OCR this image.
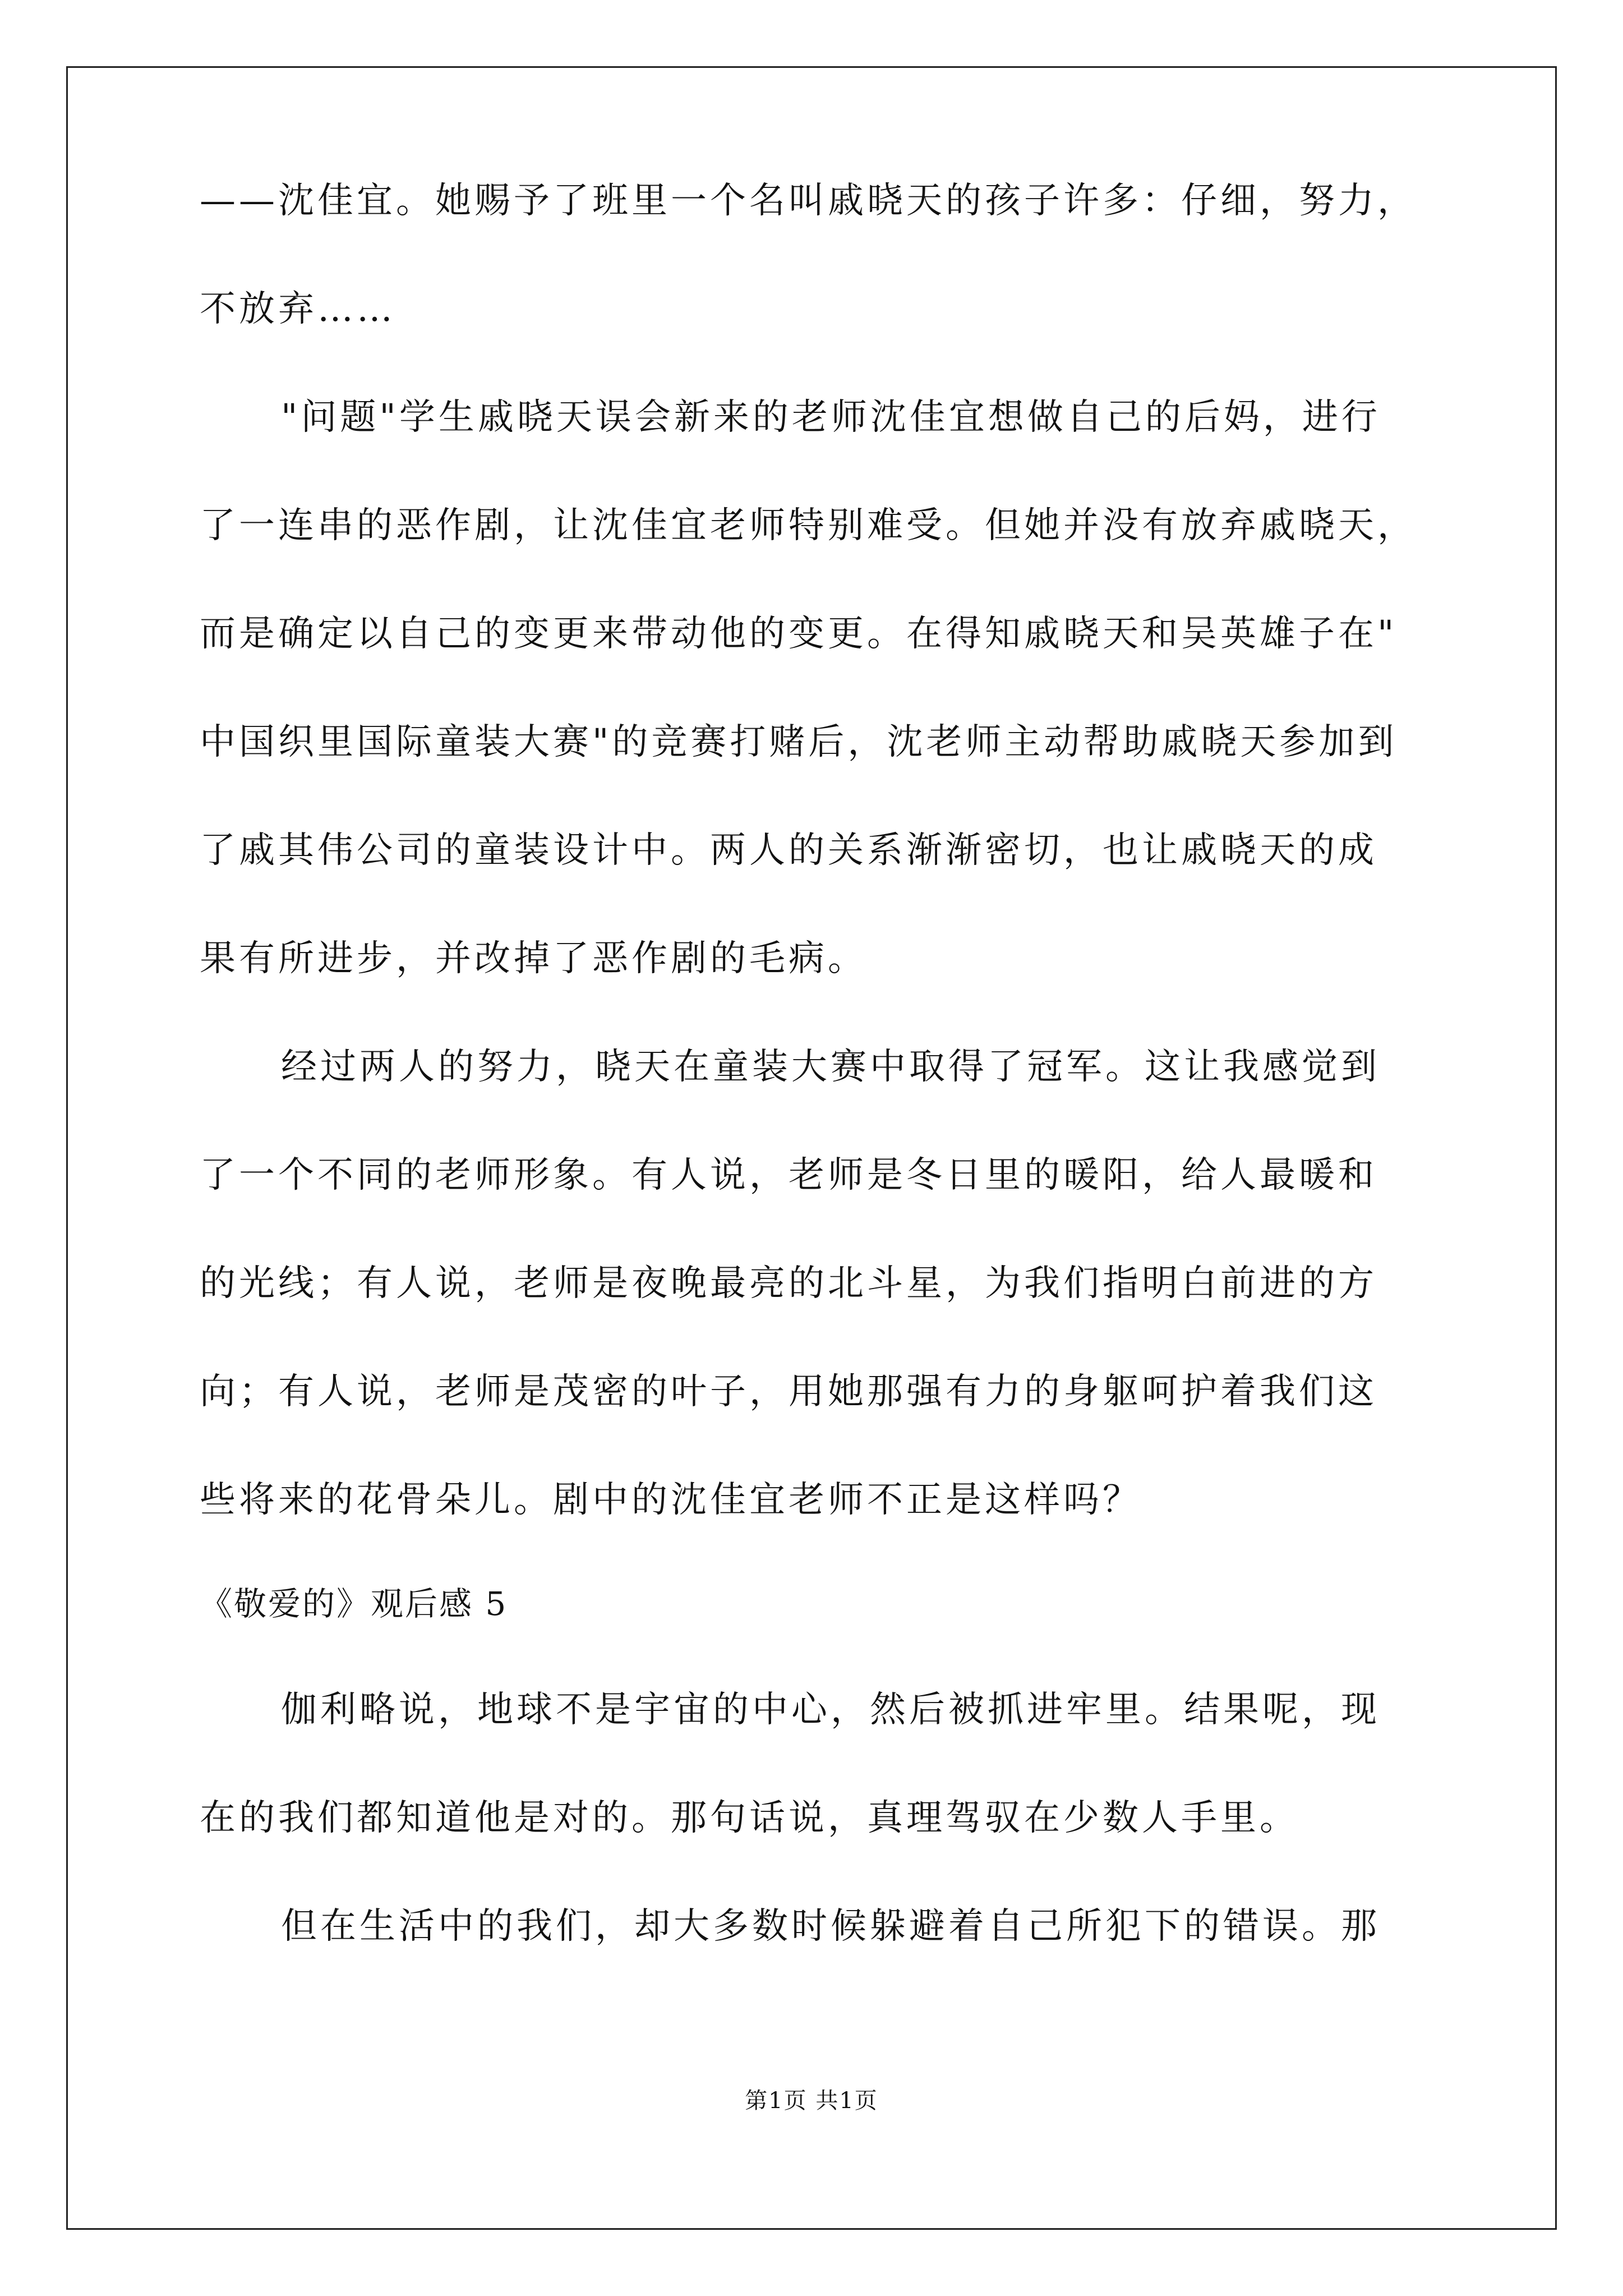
——沈佳宜。她赐予了班里一个名叫戚晓天的孩子许多：仔细，努力，
不放弃……
"问题"学生戚晓天误会新来的老师沈佳宜想做自己的后妈，进行
了一连串的恶作剧，让沈佳宜老师特别难受。但她并没有放弃戚晓天，
而是确定以自己的变更来带动他的变更。在得知戚晓天和吴英雄子在"
中国织里国际童装大赛"的竞赛打赌后，沈老师主动帮助戚晓天参加到
了戚其伟公司的童装设计中。两人的关系渐渐密切，也让戚晓天的成
果有所进步，并改掉了恶作剧的毛病。
经过两人的努力，晓天在童装大赛中取得了冠军。这让我感觉到
了一个不同的老师形象。有人说，老师是冬日里的暖阳，给人最暖和
的光线；有人说，老师是夜晚最亮的北斗星，为我们指明白前进的方
向；有人说，老师是茂密的叶子，用她那强有力的身躯呵护着我们这
些将来的花骨朵儿。剧中的沈佳宜老师不正是这样吗？
《敬爱的》观后感 5
伽利略说，地球不是宇宙的中心，然后被抓进牢里。结果呢，现
在的我们都知道他是对的。那句话说，真理驾驭在少数人手里。
但在生活中的我们，却大多数时候躲避着自己所犯下的错误。那
第1页 共1页
